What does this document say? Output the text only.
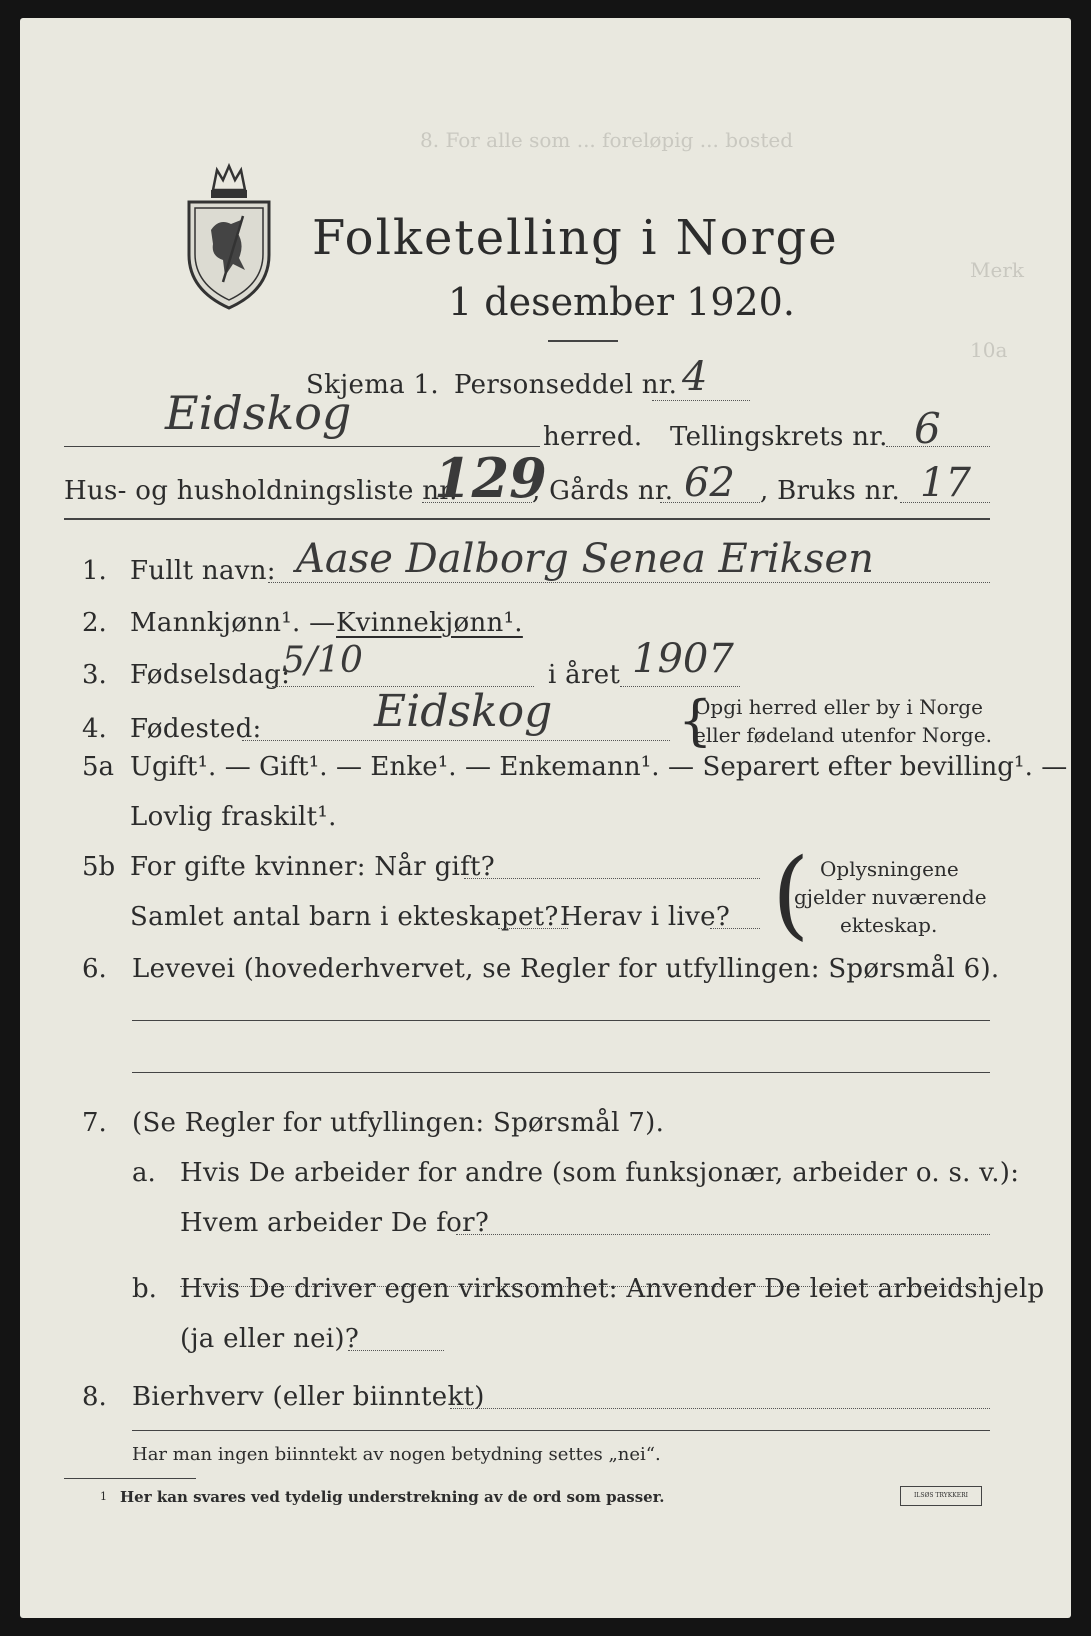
8. For alle som ... foreløpig ... bosted
Merk
10a
Folketelling i Norge
1 desember 1920.
Skjema 1. Personseddel nr. 4
Eidskog	herred. Tellingskrets nr. 6
Hus- og husholdningsliste nr.
129
, Gårds nr. 62 , Bruks nr. 17
1. Fullt navn: Aase Dalborg Senea Eriksen
2. Mannkjønn¹. — Kvinnekjønn¹.
3. Fødselsdag:
5/10	i året 1907
4. Fødested:	Eidskog {
Opgi herred eller by i Norge
eller fødeland utenfor Norge.
5a Ugift¹. — Gift¹. — Enke¹. — Enkemann¹. — Separert efter bevilling¹. —
Lovlig fraskilt¹.
5b For gifte kvinner: Når gift?
Samlet antal barn i ekteskapet? Herav i live? ( Oplysningene
gjelder nuværende
ekteskap.
6. Levevei (hovederhvervet, se Regler for utfyllingen: Spørsmål 6).
7. (Se Regler for utfyllingen: Spørsmål 7).
a. Hvis De arbeider for andre (som funksjonær, arbeider o. s. v.):
Hvem arbeider De for?
b. Hvis De driver egen virksomhet: Anvender De leiet arbeidshjelp
(ja eller nei)?
8. Bierhverv (eller biinntekt)
Har man ingen biinntekt av nogen betydning settes „nei“.
1 Her kan svares ved tydelig understrekning av de ord som passer.	ILSØS TRYKKERI
